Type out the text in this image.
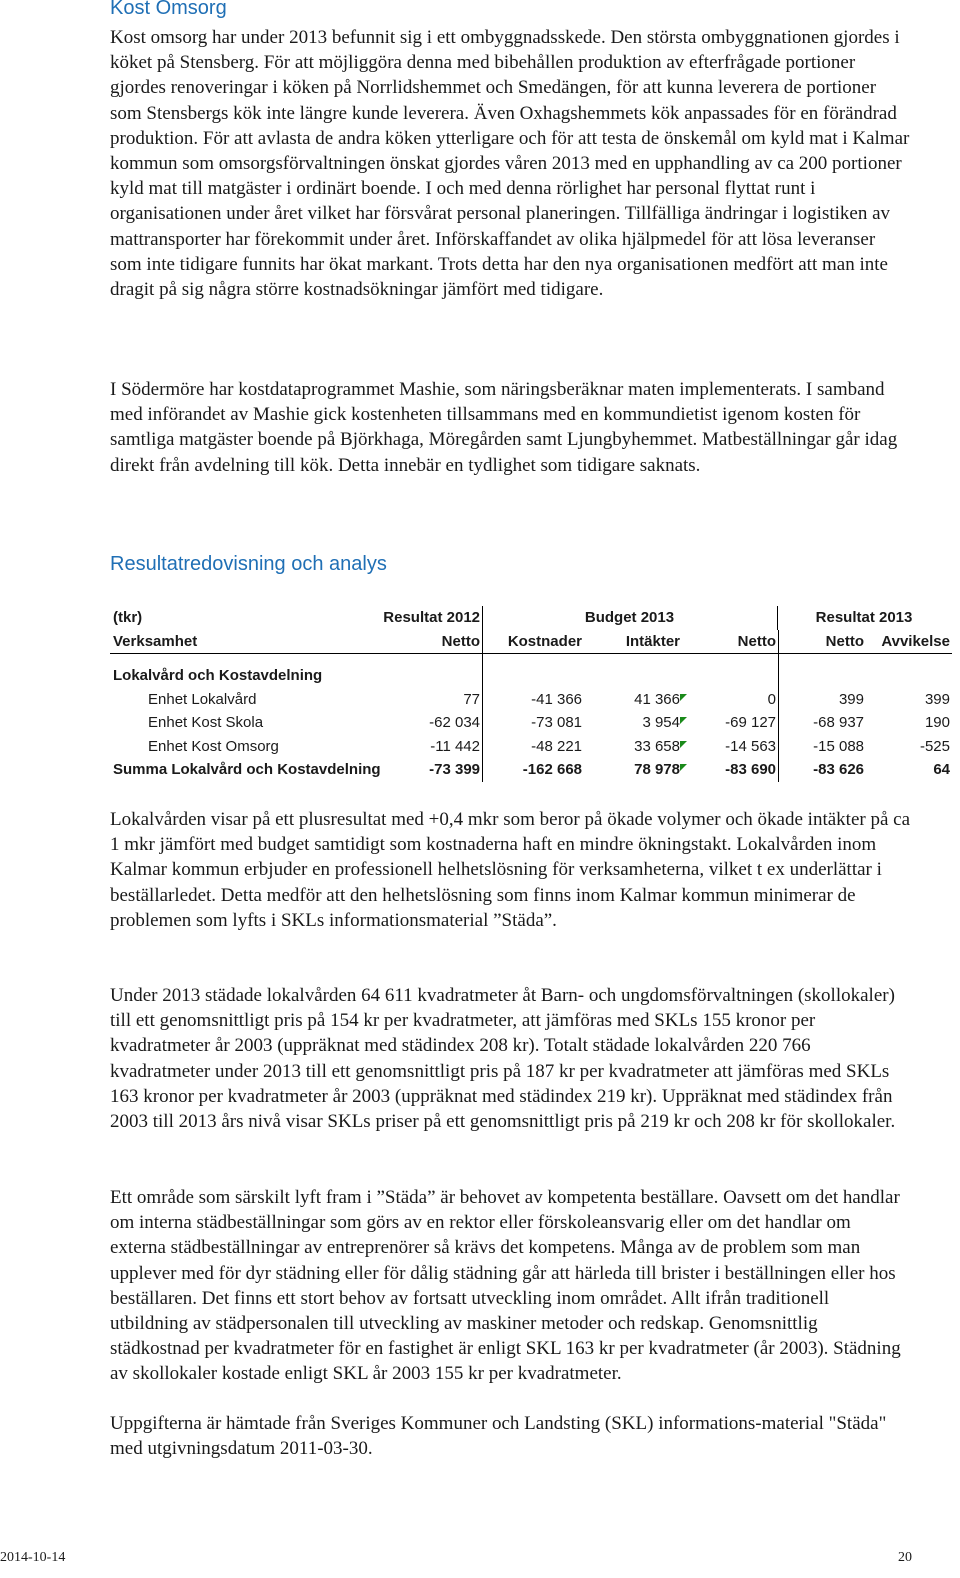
Kost Omsorg

Kost omsorg har under 2013 befunnit sig i ett ombyggnadsskede. Den största ombyggnationen gjordes i köket på Stensberg. För att möjliggöra denna med bibehållen produktion av efterfrågade portioner gjordes renoveringar i köken på Norrlidshemmet och Smedängen, för att kunna leverera de portioner som Stensbergs kök inte längre kunde leverera. Även Oxhagshemmets kök anpassades för en förändrad produktion. För att avlasta de andra köken ytterligare och för att testa de önskemål om kyld mat i Kalmar kommun som omsorgsförvaltningen önskat gjordes våren 2013 med en upphandling av ca 200 portioner kyld mat till matgäster i ordinärt boende. I och med denna rörlighet har personal flyttat runt i organisationen under året vilket har försvårat personal planeringen. Tillfälliga ändringar i logistiken av mattransporter har förekommit under året. Införskaffandet av olika hjälpmedel för att lösa leveranser som inte tidigare funnits har ökat markant. Trots detta har den nya organisationen medfört att man inte dragit på sig några större kostnadsökningar jämfört med tidigare.

I Södermöre har kostdataprogrammet Mashie, som näringsberäknar maten implementerats. I samband med införandet av Mashie gick kostenheten tillsammans med en kommundietist igenom kosten för samtliga matgäster boende på Björkhaga, Möregården samt Ljungbyhemmet. Matbeställningar går idag direkt från avdelning till kök. Detta innebär en tydlighet som tidigare saknats.

Resultatredovisning och analys
(tkr)	Resultat 2012	Budget 2013	Resultat 2013
Verksamhet	Netto	Kostnader	Intäkter	Netto	Netto	Avvikelse
Lokalvård och Kostavdelning
Enhet Lokalvård	77	-41 366	41 366	0	399	399
Enhet Kost Skola	-62 034	-73 081	3 954	-69 127	-68 937	190
Enhet Kost Omsorg	-11 442	-48 221	33 658	-14 563	-15 088	-525
Summa Lokalvård och Kostavdelning	-73 399	-162 668	78 978	-83 690	-83 626	64

Lokalvården visar på ett plusresultat med +0,4 mkr som beror på ökade volymer och ökade intäkter på ca 1 mkr jämfört med budget samtidigt som kostnaderna haft en mindre ökningstakt. Lokalvården inom Kalmar kommun erbjuder en professionell helhetslösning för verksamheterna, vilket t ex underlättar i beställarledet. Detta medför att den helhetslösning som finns inom Kalmar kommun minimerar de problemen som lyfts i SKLs informationsmaterial ”Städa”.

Under 2013 städade lokalvården 64 611 kvadratmeter åt Barn- och ungdomsförvaltningen (skollokaler) till ett genomsnittligt pris på 154 kr per kvadratmeter, att jämföras med SKLs 155 kronor per kvadratmeter år 2003 (uppräknat med städindex 208 kr). Totalt städade lokalvården 220 766 kvadratmeter under 2013 till ett genomsnittligt pris på 187 kr per kvadratmeter att jämföras med SKLs 163 kronor per kvadratmeter år 2003 (uppräknat med städindex 219 kr). Uppräknat med städindex från 2003 till 2013 års nivå visar SKLs priser på ett genomsnittligt pris på 219 kr och 208 kr för skollokaler.

Ett område som särskilt lyft fram i ”Städa” är behovet av kompetenta beställare. Oavsett om det handlar om interna städbeställningar som görs av en rektor eller förskoleansvarig eller om det handlar om externa städbeställningar av entreprenörer så krävs det kompetens. Många av de problem som man upplever med för dyr städning eller för dålig städning går att härleda till brister i beställningen eller hos beställaren. Det finns ett stort behov av fortsatt utveckling inom området. Allt ifrån traditionell utbildning av städpersonalen till utveckling av maskiner metoder och redskap. Genomsnittlig städkostnad per kvadratmeter för en fastighet är enligt SKL 163 kr per kvadratmeter (år 2003). Städning av skollokaler kostade enligt SKL år 2003 155 kr per kvadratmeter.

Uppgifterna är hämtade från Sveriges Kommuner och Landsting (SKL) informations-material "Städa" med utgivningsdatum 2011-03-30.

2014-10-14	20
